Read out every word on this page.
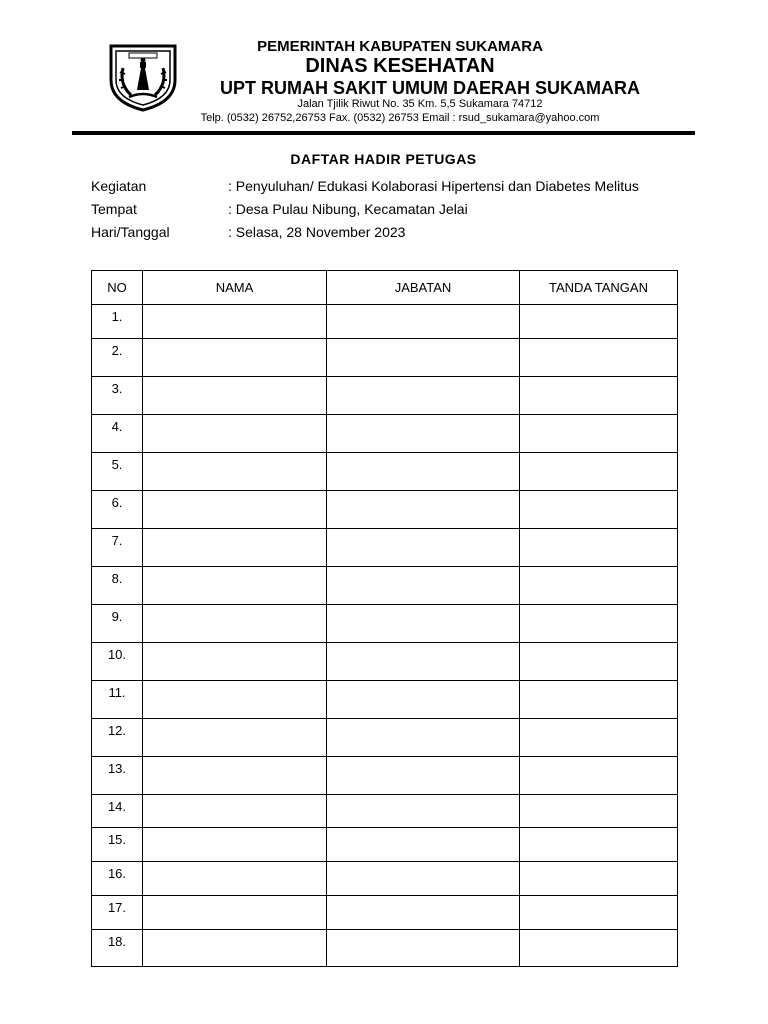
PEMERINTAH KABUPATEN SUKAMARA
DINAS KESEHATAN
UPT RUMAH SAKIT UMUM DAERAH SUKAMARA
Jalan Tjilik Riwut No. 35 Km. 5,5 Sukamara 74712
Telp. (0532) 26752,26753 Fax. (0532) 26753 Email : rsud_sukamara@yahoo.com
DAFTAR HADIR PETUGAS
Kegiatan	: Penyuluhan/ Edukasi Kolaborasi Hipertensi dan Diabetes Melitus
Tempat	: Desa Pulau Nibung, Kecamatan Jelai
Hari/Tanggal	: Selasa, 28 November 2023
NO	NAMA	JABATAN	TANDA TANGAN
1.			
2.			
3.			
4.			
5.			
6.			
7.			
8.			
9.			
10.			
11.			
12.			
13.			
14.			
15.			
16.			
17.			
18.			
